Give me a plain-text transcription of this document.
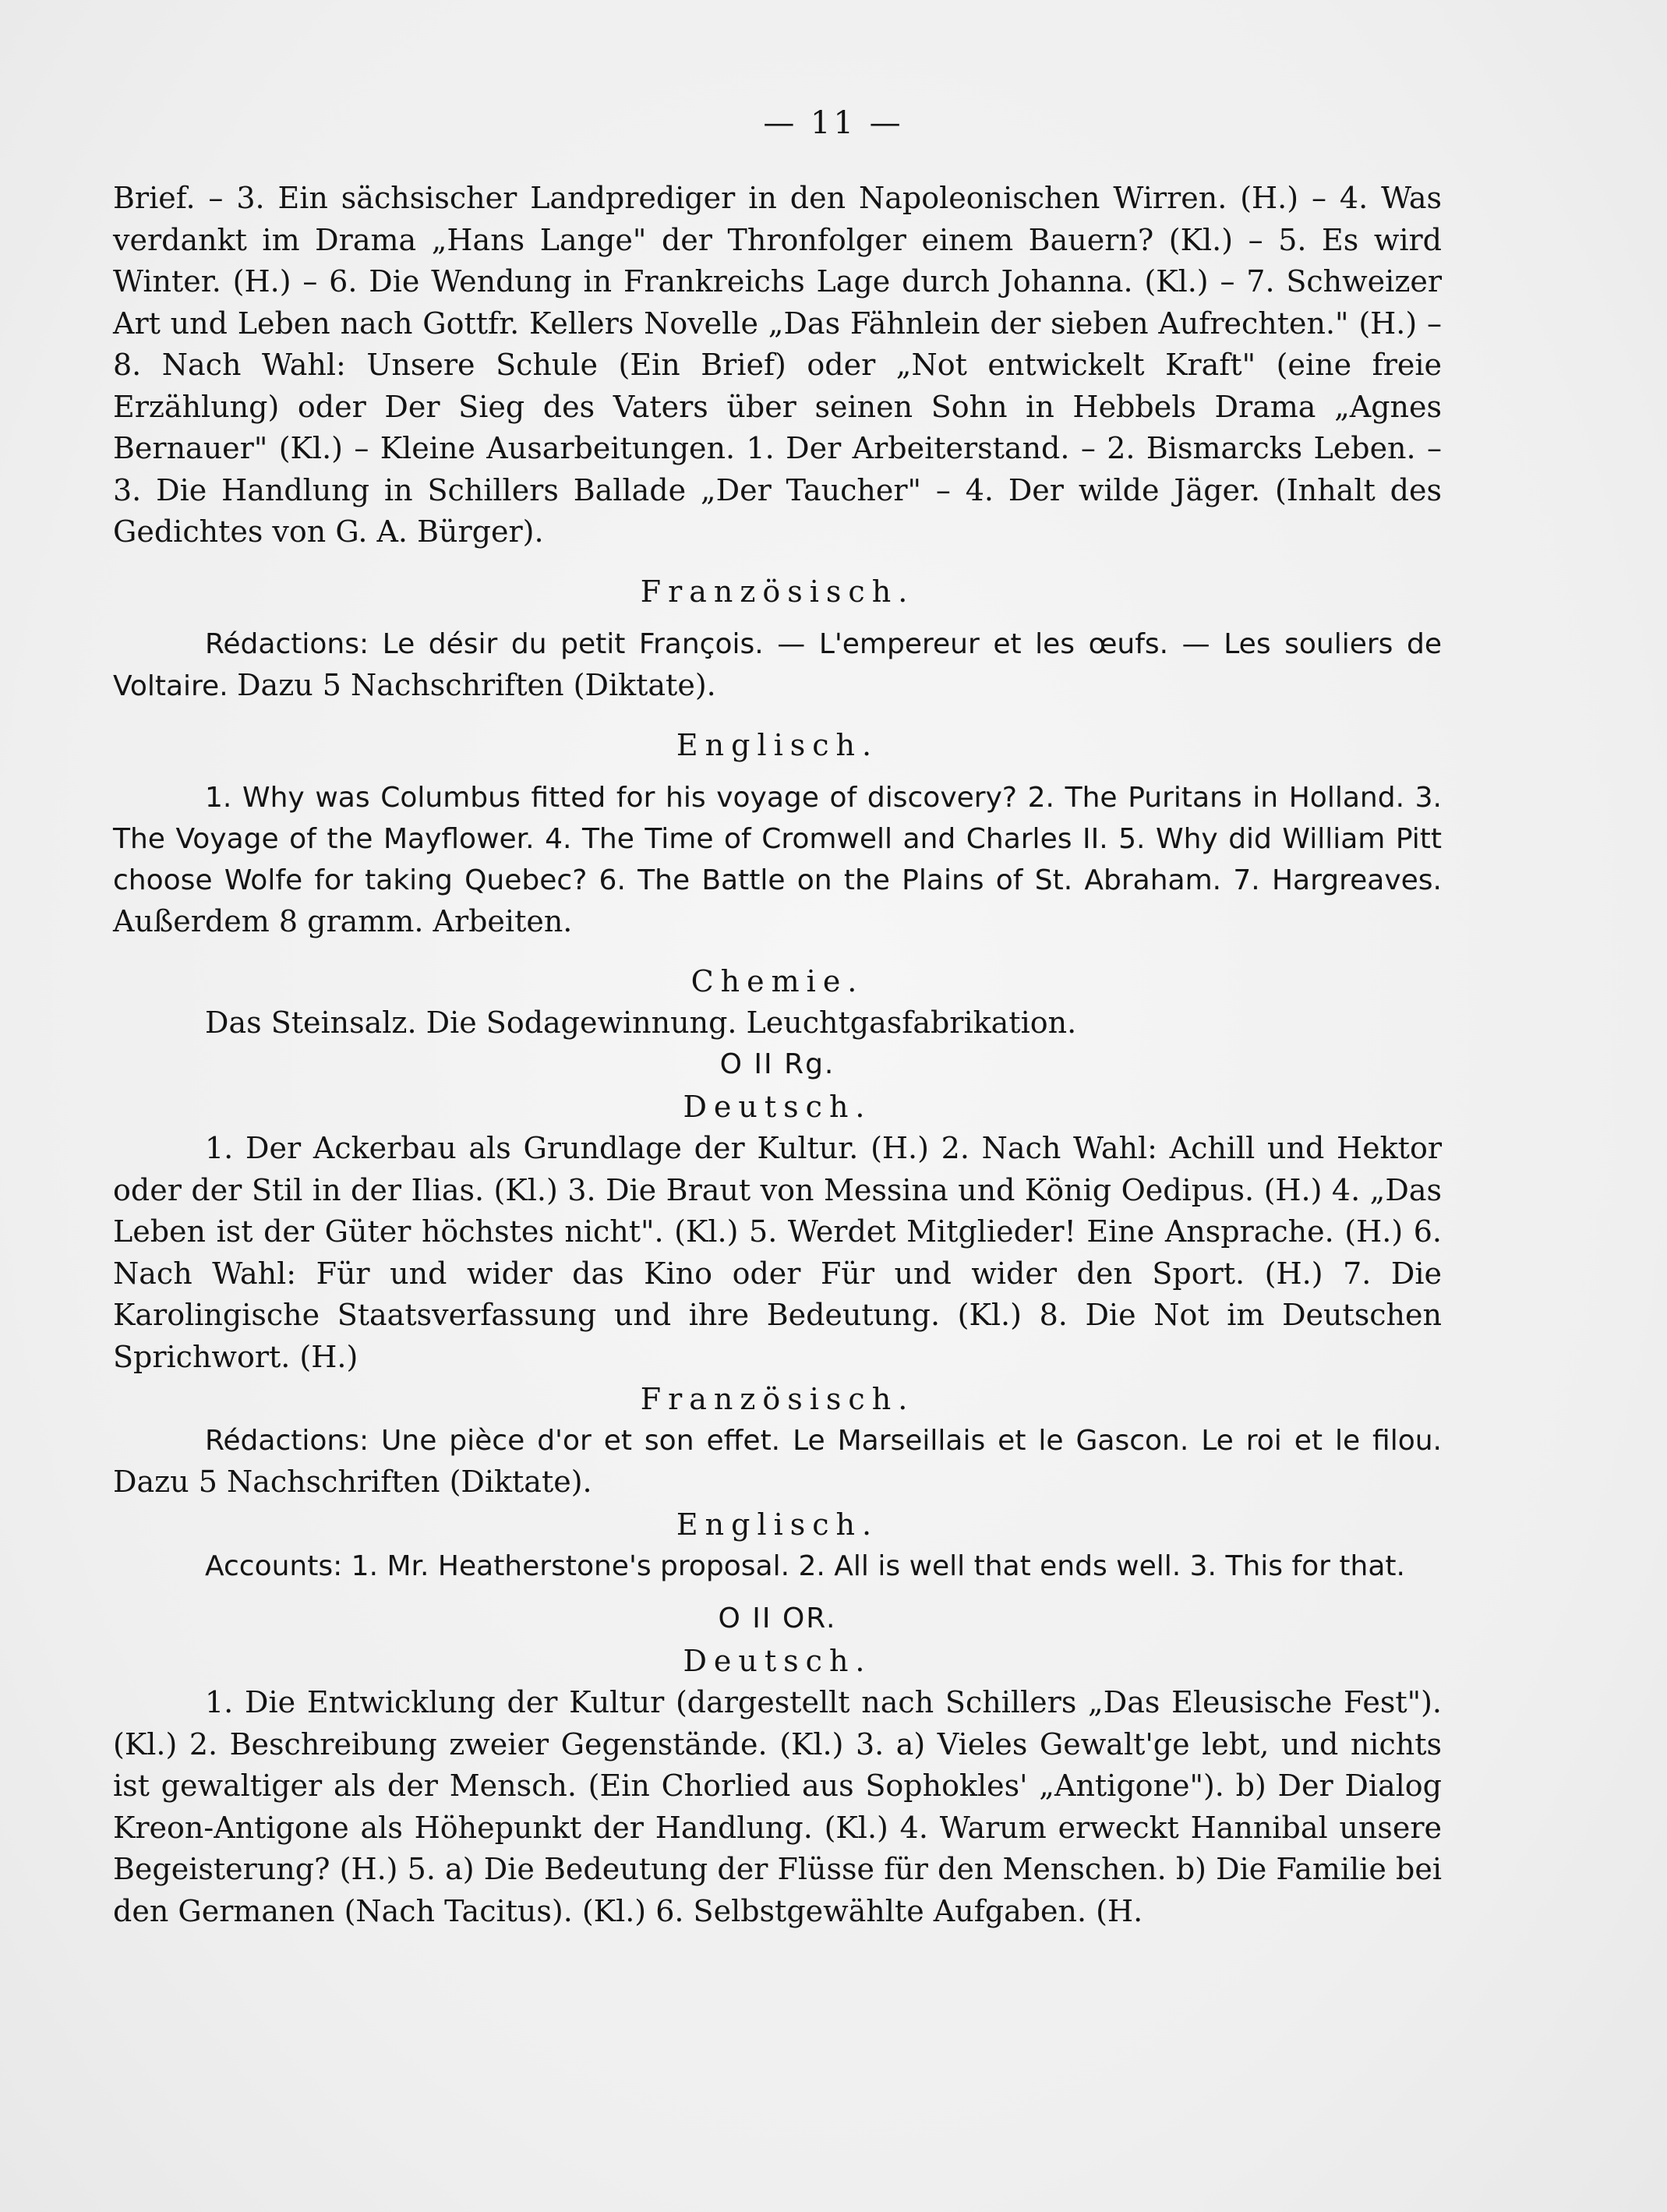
— 11 —

Brief. – 3. Ein sächsischer Landprediger in den Napoleonischen Wirren. (H.) – 4. Was verdankt im Drama „Hans Lange" der Thronfolger einem Bauern? (Kl.) – 5. Es wird Winter. (H.) – 6. Die Wendung in Frankreichs Lage durch Johanna. (Kl.) – 7. Schweizer Art und Leben nach Gottfr. Kellers Novelle „Das Fähnlein der sieben Aufrechten." (H.) – 8. Nach Wahl: Unsere Schule (Ein Brief) oder „Not entwickelt Kraft" (eine freie Erzählung) oder Der Sieg des Vaters über seinen Sohn in Hebbels Drama „Agnes Bernauer" (Kl.) – Kleine Ausarbeitungen. 1. Der Arbeiterstand. – 2. Bismarcks Leben. – 3. Die Handlung in Schillers Ballade „Der Taucher" – 4. Der wilde Jäger. (Inhalt des Gedichtes von G. A. Bürger).

Französisch.

Rédactions: Le désir du petit François. — L'empereur et les œufs. — Les souliers de Voltaire. Dazu 5 Nachschriften (Diktate).

Englisch.

1. Why was Columbus fitted for his voyage of discovery? 2. The Puritans in Holland. 3. The Voyage of the Mayflower. 4. The Time of Cromwell and Charles II. 5. Why did William Pitt choose Wolfe for taking Quebec? 6. The Battle on the Plains of St. Abraham. 7. Hargreaves. Außerdem 8 gramm. Arbeiten.

Chemie.

Das Steinsalz. Die Sodagewinnung. Leuchtgasfabrikation.

O II Rg.

Deutsch.

1. Der Ackerbau als Grundlage der Kultur. (H.) 2. Nach Wahl: Achill und Hektor oder der Stil in der Ilias. (Kl.) 3. Die Braut von Messina und König Oedipus. (H.) 4. „Das Leben ist der Güter höchstes nicht". (Kl.) 5. Werdet Mitglieder! Eine Ansprache. (H.) 6. Nach Wahl: Für und wider das Kino oder Für und wider den Sport. (H.) 7. Die Karolingische Staatsverfassung und ihre Bedeutung. (Kl.) 8. Die Not im Deutschen Sprichwort. (H.)

Französisch.

Rédactions: Une pièce d'or et son effet. Le Marseillais et le Gascon. Le roi et le filou. Dazu 5 Nachschriften (Diktate).

Englisch.

Accounts: 1. Mr. Heatherstone's proposal. 2. All is well that ends well. 3. This for that.

O II OR.

Deutsch.

1. Die Entwicklung der Kultur (dargestellt nach Schillers „Das Eleusische Fest"). (Kl.) 2. Beschreibung zweier Gegenstände. (Kl.) 3. a) Vieles Gewalt'ge lebt, und nichts ist gewaltiger als der Mensch. (Ein Chorlied aus Sophokles' „Antigone"). b) Der Dialog Kreon-Antigone als Höhepunkt der Handlung. (Kl.) 4. Warum erweckt Hannibal unsere Begeisterung? (H.) 5. a) Die Bedeutung der Flüsse für den Menschen. b) Die Familie bei den Germanen (Nach Tacitus). (Kl.) 6. Selbstgewählte Aufgaben. (H.
